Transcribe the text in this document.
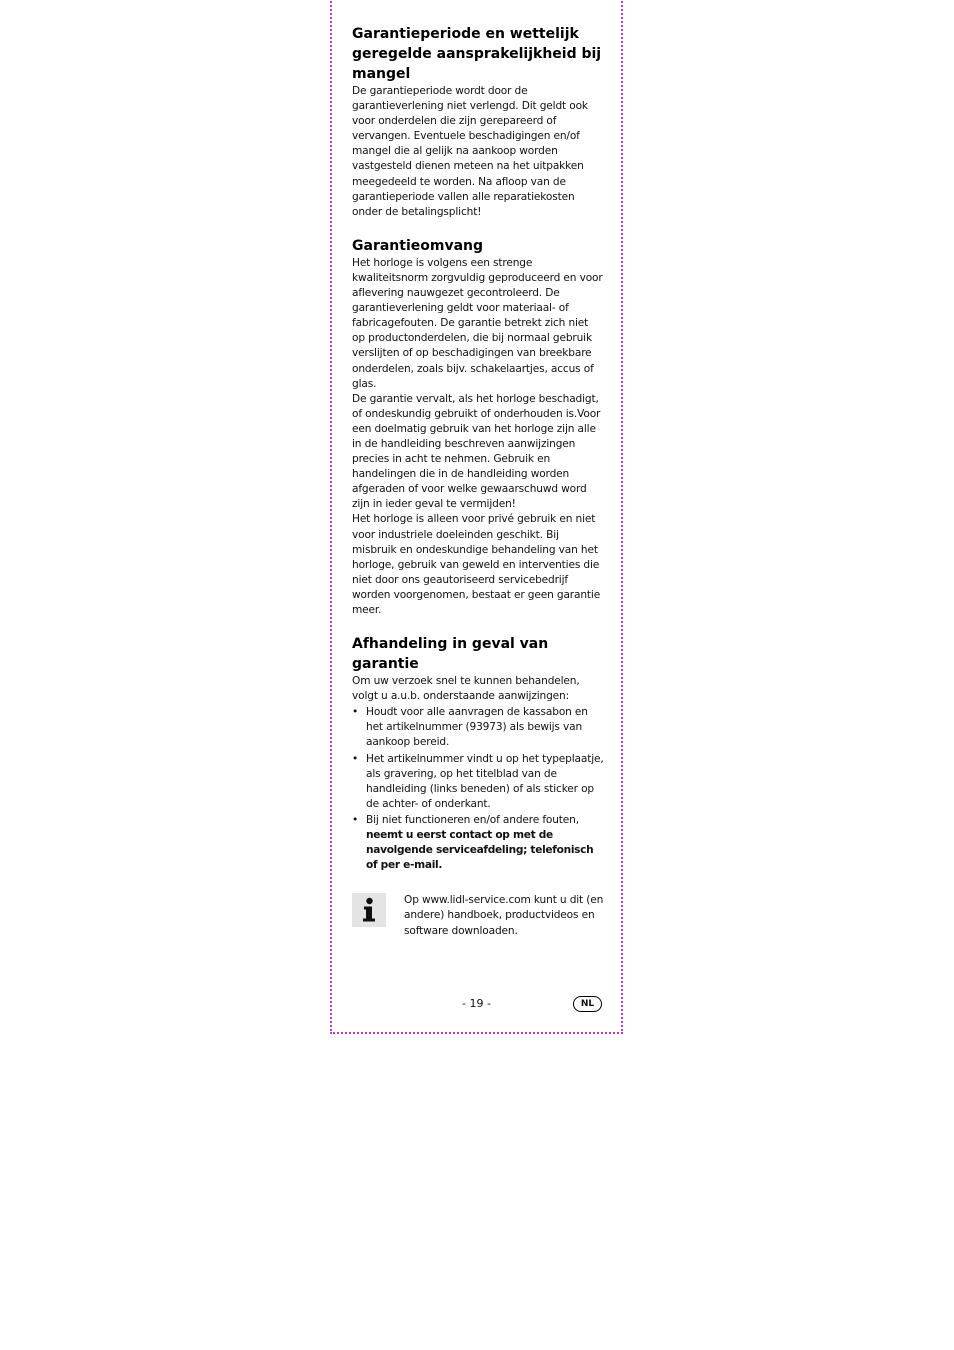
Garantieperiode en wettelijk geregelde aansprakelijkheid bij mangel

De garantieperiode wordt door de garantieverlening niet verlengd. Dit geldt ook voor onderdelen die zijn gerepareerd of vervangen. Eventuele beschadigingen en/of mangel die al gelijk na aankoop worden vastgesteld dienen meteen na het uitpakken meegedeeld te worden. Na afloop van de garantieperiode vallen alle reparatiekosten onder de betalingsplicht!

Garantieomvang

Het horloge is volgens een strenge kwaliteitsnorm zorgvuldig geproduceerd en voor aflevering nauwgezet gecontroleerd. De garantieverlening geldt voor materiaal- of fabricagefouten. De garantie betrekt zich niet op productonderdelen, die bij normaal gebruik verslijten of op beschadigingen van breekbare onderdelen, zoals bijv. schakelaartjes, accus of glas.

De garantie vervalt, als het horloge beschadigt, of ondeskundig gebruikt of onderhouden is.Voor een doelmatig gebruik van het horloge zijn alle in de handleiding beschreven aanwijzingen precies in acht te nehmen. Gebruik en handelingen die in de handleiding worden afgeraden of voor welke gewaarschuwd word zijn in ieder geval te vermijden!

Het horloge is alleen voor privé gebruik en niet voor industriele doeleinden geschikt. Bij misbruik en ondeskundige behandeling van het horloge, gebruik van geweld en interventies die niet door ons geautoriseerd servicebedrijf worden voorgenomen, bestaat er geen garantie meer.

Afhandeling in geval van garantie

Om uw verzoek snel te kunnen behandelen, volgt u a.u.b. onderstaande aanwijzingen:

• Houdt voor alle aanvragen de kassabon en het artikelnummer (93973) als bewijs van aankoop bereid.
• Het artikelnummer vindt u op het typeplaatje, als gravering, op het titelblad van de handleiding (links beneden) of als sticker op de achter- of onderkant.
• Bij niet functioneren en/of andere fouten, neemt u eerst contact op met de navolgende serviceafdeling; telefonisch of per e-mail.
Op www.lidl-service.com kunt u dit (en andere) handboek, productvideos en software downloaden.
- 19 -	NL
